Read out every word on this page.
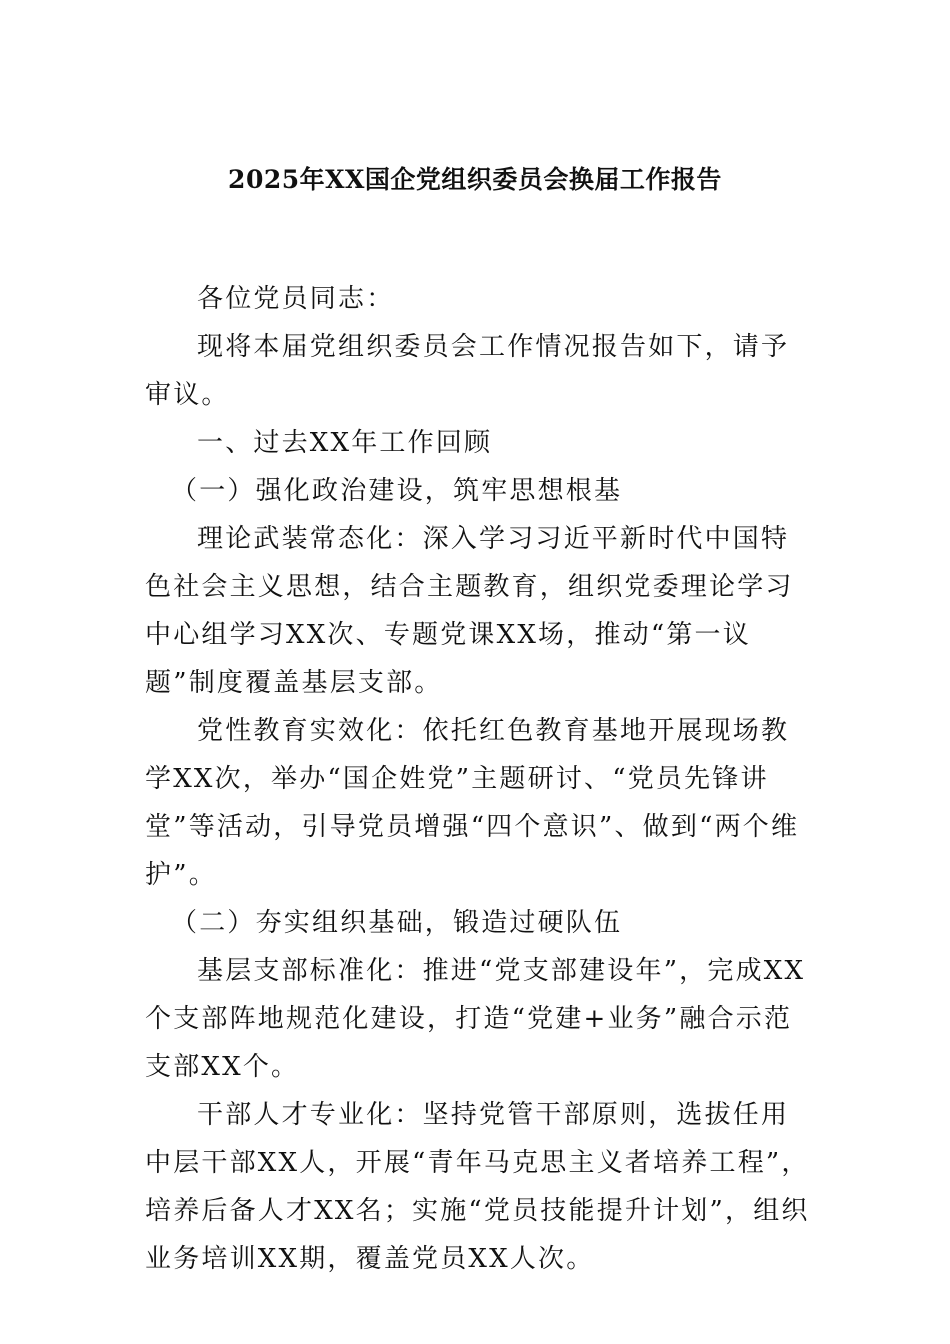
2025年XX国企党组织委员会换届工作报告

各位党员同志：

现将本届党组织委员会工作情况报告如下，请予审议。

一、过去XX年工作回顾

（一）强化政治建设，筑牢思想根基

理论武装常态化：深入学习习近平新时代中国特色社会主义思想，结合主题教育，组织党委理论学习中心组学习XX次、专题党课XX场，推动“第一议题”制度覆盖基层支部。

党性教育实效化：依托红色教育基地开展现场教学XX次，举办“国企姓党”主题研讨、“党员先锋讲堂”等活动，引导党员增强“四个意识”、做到“两个维护”。

（二）夯实组织基础，锻造过硬队伍

基层支部标准化：推进“党支部建设年”，完成XX个支部阵地规范化建设，打造“党建+业务”融合示范支部XX个。

干部人才专业化：坚持党管干部原则，选拔任用中层干部XX人，开展“青年马克思主义者培养工程”，培养后备人才XX名；实施“党员技能提升计划”，组织业务培训XX期，覆盖党员XX人次。
